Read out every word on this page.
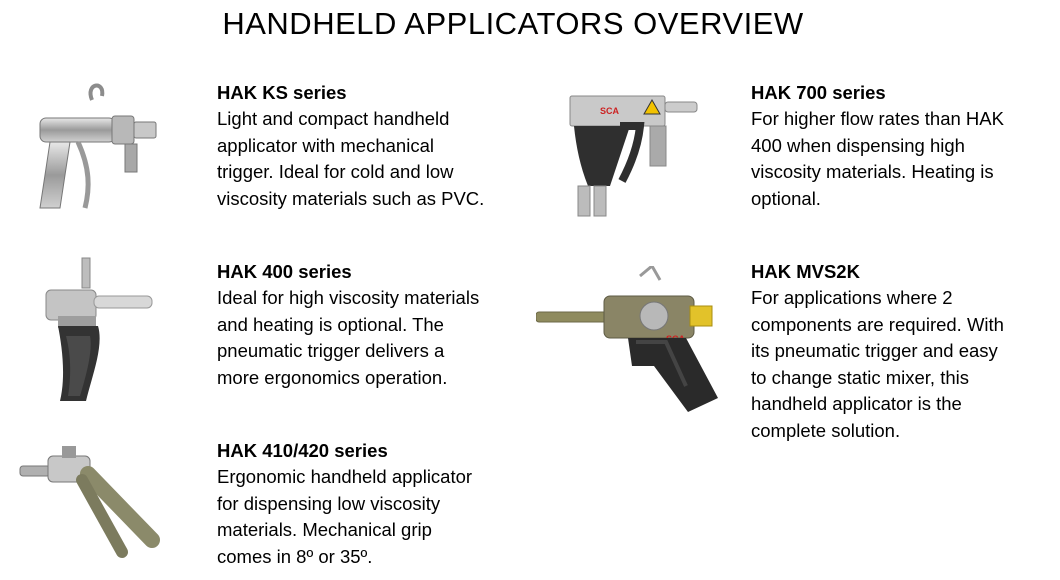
HANDHELD APPLICATORS OVERVIEW
HAK KS series

Light and compact handheld
applicator with mechanical
trigger. Ideal for cold and low
viscosity materials such as PVC.

HAK 400 series

Ideal for high viscosity materials
and heating is optional. The
pneumatic trigger delivers a
more ergonomics operation.

HAK 410/420 series

Ergonomic handheld applicator
for dispensing low viscosity
materials. Mechanical grip
comes in 8º or 35º.

SCA
HAK 700 series

For higher flow rates than HAK
400 when dispensing high
viscosity materials. Heating is
optional.

HAK MVS2K

For applications where 2
components are required. With
its pneumatic trigger and easy
to change static mixer, this
handheld applicator is the
complete solution.
